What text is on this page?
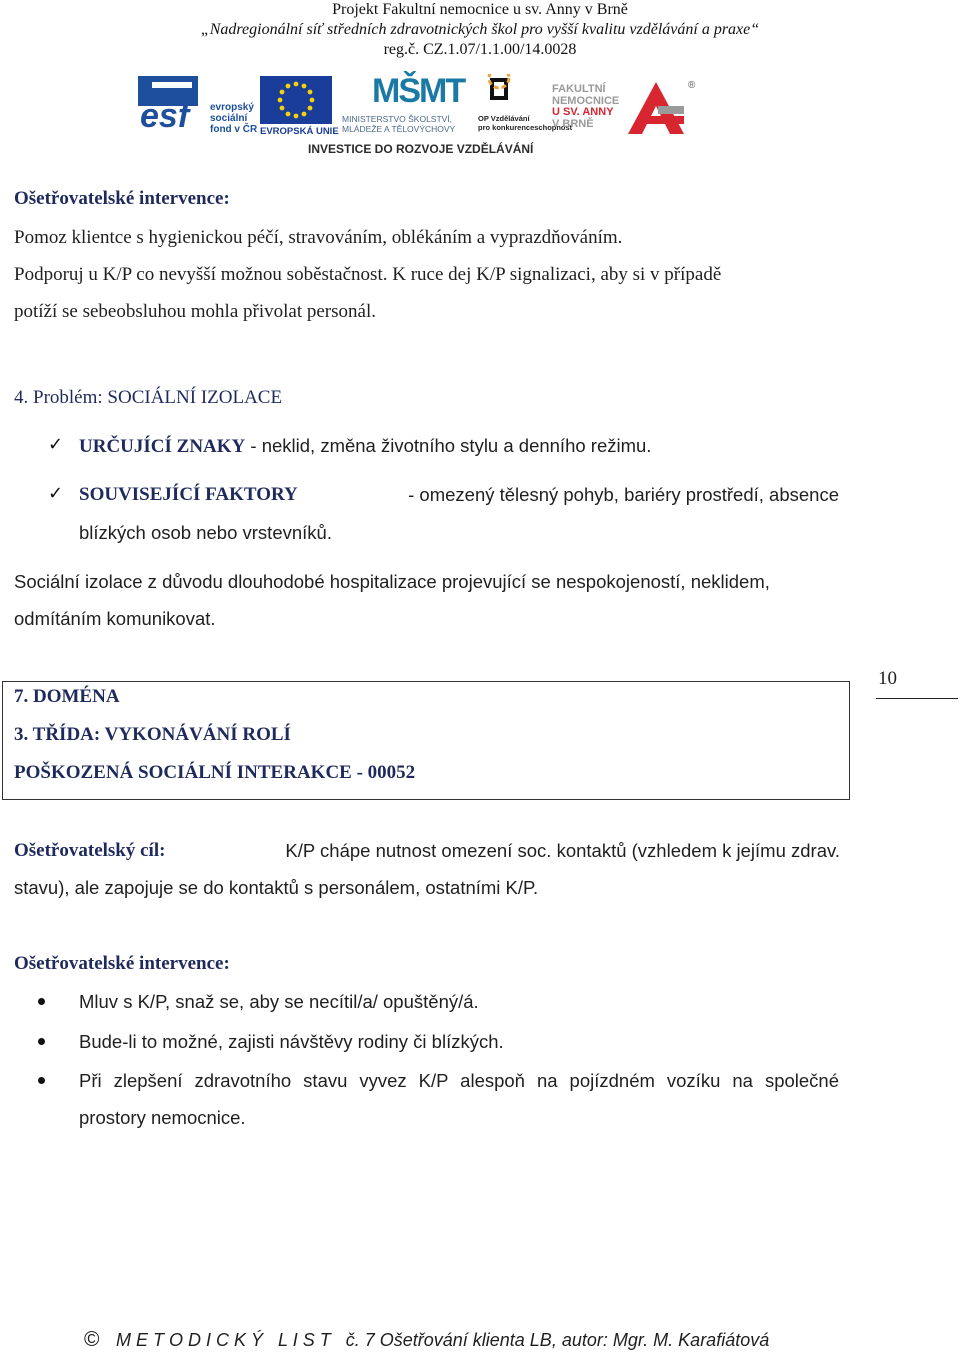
Projekt Fakultní nemocnice u sv. Anny v Brně
„Nadregionální síť středních zdravotnických škol pro vyšší kvalitu vzdělávání a praxe“
reg.č. CZ.1.07/1.1.00/14.0028
esf evropský
sociální
fond v ČR EVROPSKÁ UNIE
MŠMT
MINISTERSTVO ŠKOLSTVÍ,
MLÁDEŽE A TĚLOVÝCHOVY
OP Vzdělávání
pro konkurenceschopnost
FAKULTNÍ
NEMOCNICE
U SV. ANNY
V BRNĚ
®
INVESTICE DO ROZVOJE VZDĚLÁVÁNÍ
Ošetřovatelské intervence:
Pomoz klientce s hygienickou péčí, stravováním, oblékáním a vyprazdňováním.
Podporuj u K/P co nevyšší možnou soběstačnost. K ruce dej K/P signalizaci, aby si v případě
potíží se sebeobsluhou mohla přivolat personál.
4. Problém: SOCIÁLNÍ IZOLACE
✓ URČUJÍCÍ ZNAKY - neklid, změna životního stylu a denního režimu.
✓ SOUVISEJÍCÍ FAKTORY	- omezený tělesný pohyb, bariéry prostředí, absence
blízkých osob nebo vrstevníků.
Sociální izolace z důvodu dlouhodobé hospitalizace projevující se nespokojeností, neklidem,
odmítáním komunikovat.
7. DOMÉNA
3. TŘÍDA: VYKONÁVÁNÍ ROLÍ
POŠKOZENÁ SOCIÁLNÍ INTERAKCE - 00052
10
Ošetřovatelský cíl:	K/P chápe nutnost omezení soc. kontaktů (vzhledem k jejímu zdrav.
stavu), ale zapojuje se do kontaktů s personálem, ostatními K/P.
Ošetřovatelské intervence:
Mluv s K/P, snaž se, aby se necítil/a/ opuštěný/á.
Bude-li to možné, zajisti návštěvy rodiny či blízkých.
Při zlepšení zdravotního stavu vyvez K/P alespoň na pojízdném vozíku na společné
prostory nemocnice.
© M E T O D I C K Ý   L I S T   č. 7 Ošetřování klienta LB, autor: Mgr. M. Karafiátová
